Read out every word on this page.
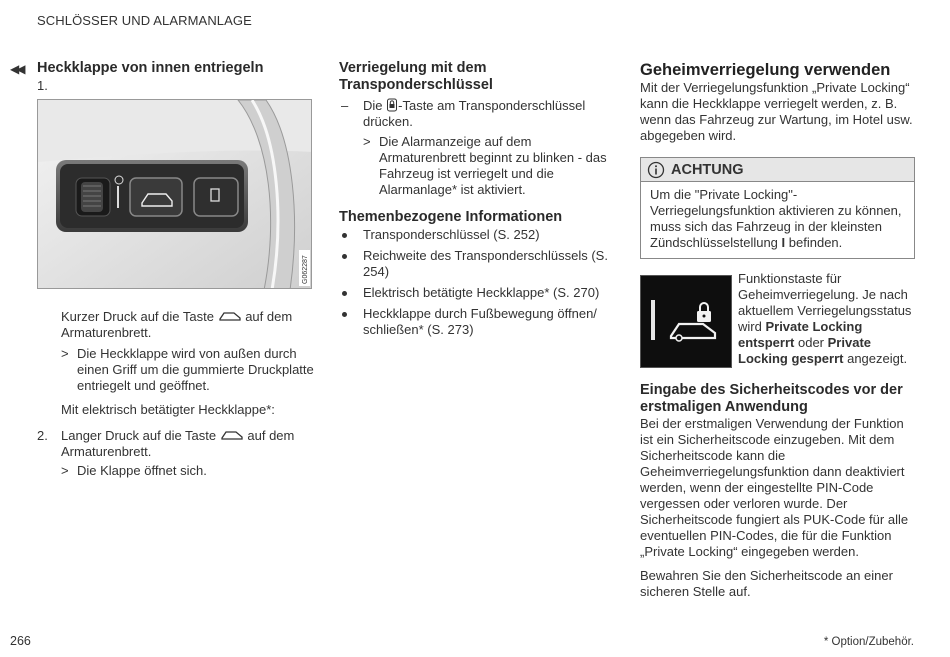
SCHLÖSSER UND ALARMANLAGE
◀◀ Heckklappe von innen entriegeln
1.
G062287

Kurzer Druck auf die Taste auf dem Armaturenbrett.

> Die Heckklappe wird von außen durch einen Griff um die gummierte Druckplatte entriegelt und geöffnet.

Mit elektrisch betätigter Heckklappe*:

2. Langer Druck auf die Taste auf dem Armaturenbrett.

> Die Klappe öffnet sich.

Verriegelung mit dem Transponderschlüssel
– Die -Taste am Transponderschlüssel drücken.

> Die Alarmanzeige auf dem Armaturenbrett beginnt zu blinken - das Fahrzeug ist verriegelt und die Alarmanlage* ist aktiviert.

Themenbezogene Informationen
Transponderschlüssel (S. 252)
Reichweite des Transponderschlüssels (S. 254)
Elektrisch betätigte Heckklappe* (S. 270)
Heckklappe durch Fußbewegung öffnen/ schließen* (S. 273)
Geheimverriegelung verwenden

Mit der Verriegelungsfunktion „Private Locking“ kann die Heckklappe verriegelt werden, z. B. wenn das Fahrzeug zur Wartung, im Hotel usw. abgegeben wird.

ACHTUNG

Um die "Private Locking"-Verriegelungsfunktion aktivieren zu können, muss sich das Fahrzeug in der kleinsten Zündschlüsselstellung I befinden.

Funktionstaste für Geheimverriegelung. Je nach aktuellem Verriegelungsstatus wird Private Locking entsperrt oder Private Locking gesperrt angezeigt.

Eingabe des Sicherheitscodes vor der erstmaligen Anwendung

Bei der erstmaligen Verwendung der Funktion ist ein Sicherheitscode einzugeben. Mit dem Sicherheitscode kann die Geheimverriegelungsfunktion dann deaktiviert werden, wenn der eingestellte PIN-Code vergessen oder verloren wurde. Der Sicherheitscode fungiert als PUK-Code für alle eventuellen PIN-Codes, die für die Funktion „Private Locking“ eingegeben werden.

Bewahren Sie den Sicherheitscode an einer sicheren Stelle auf.

266	* Option/Zubehör.
